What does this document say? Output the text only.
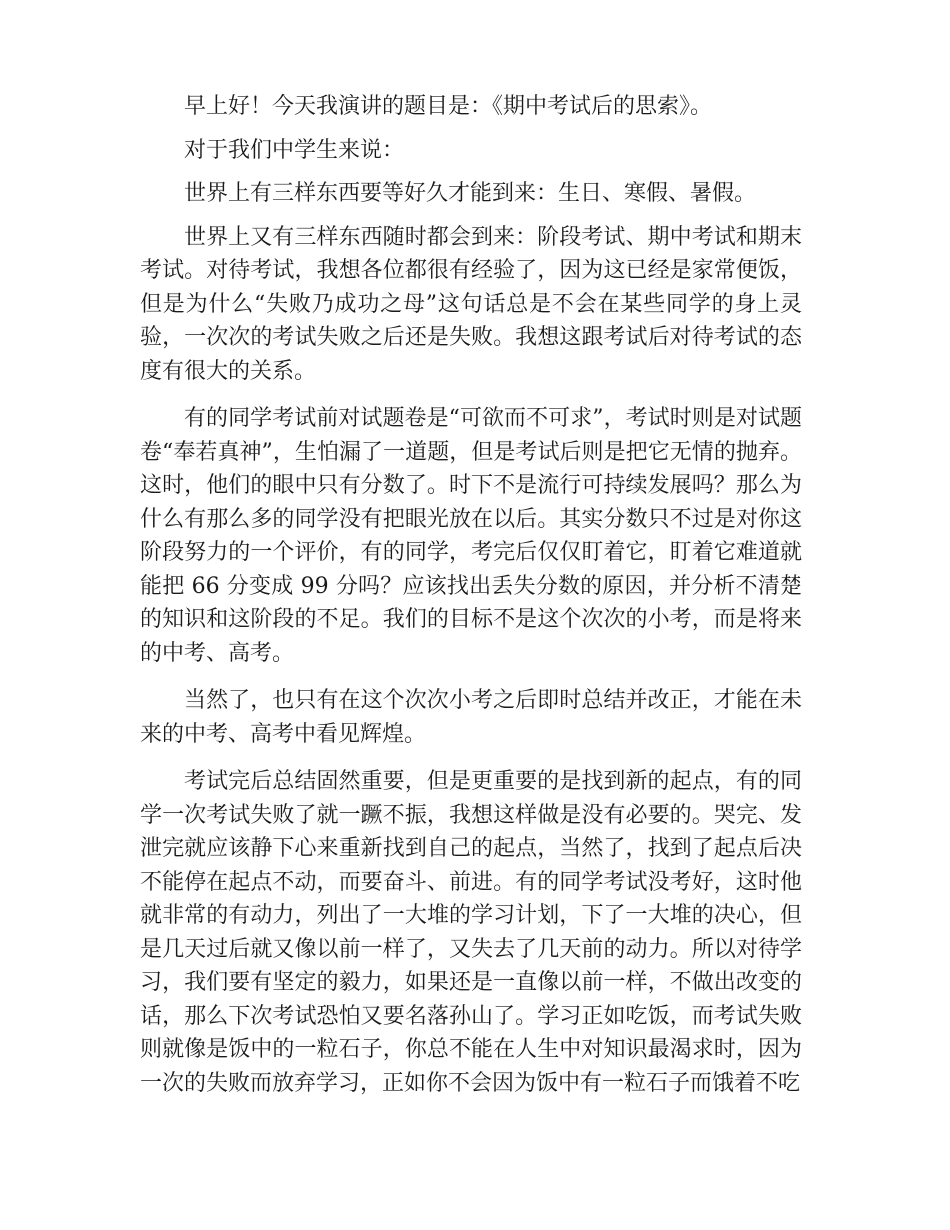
早上好！今天我演讲的题目是：《期中考试后的思索》。

对于我们中学生来说：

世界上有三样东西要等好久才能到来：生日、寒假、暑假。

世界上又有三样东西随时都会到来：阶段考试、期中考试和期末考试。对待考试，我想各位都很有经验了，因为这已经是家常便饭，但是为什么“失败乃成功之母”这句话总是不会在某些同学的身上灵验，一次次的考试失败之后还是失败。我想这跟考试后对待考试的态度有很大的关系。

有的同学考试前对试题卷是“可欲而不可求”，考试时则是对试题卷“奉若真神”，生怕漏了一道题，但是考试后则是把它无情的抛弃。这时，他们的眼中只有分数了。时下不是流行可持续发展吗？那么为什么有那么多的同学没有把眼光放在以后。其实分数只不过是对你这阶段努力的一个评价，有的同学，考完后仅仅盯着它，盯着它难道就能把 66 分变成 99 分吗？应该找出丢失分数的原因，并分析不清楚的知识和这阶段的不足。我们的目标不是这个次次的小考，而是将来的中考、高考。

当然了，也只有在这个次次小考之后即时总结并改正，才能在未来的中考、高考中看见辉煌。

考试完后总结固然重要，但是更重要的是找到新的起点，有的同学一次考试失败了就一蹶不振，我想这样做是没有必要的。哭完、发泄完就应该静下心来重新找到自己的起点，当然了，找到了起点后决不能停在起点不动，而要奋斗、前进。有的同学考试没考好，这时他就非常的有动力，列出了一大堆的学习计划，下了一大堆的决心，但是几天过后就又像以前一样了，又失去了几天前的动力。所以对待学习，我们要有坚定的毅力，如果还是一直像以前一样，不做出改变的话，那么下次考试恐怕又要名落孙山了。学习正如吃饭，而考试失败则就像是饭中的一粒石子，你总不能在人生中对知识最渴求时，因为一次的失败而放弃学习，正如你不会因为饭中有一粒石子而饿着不吃
